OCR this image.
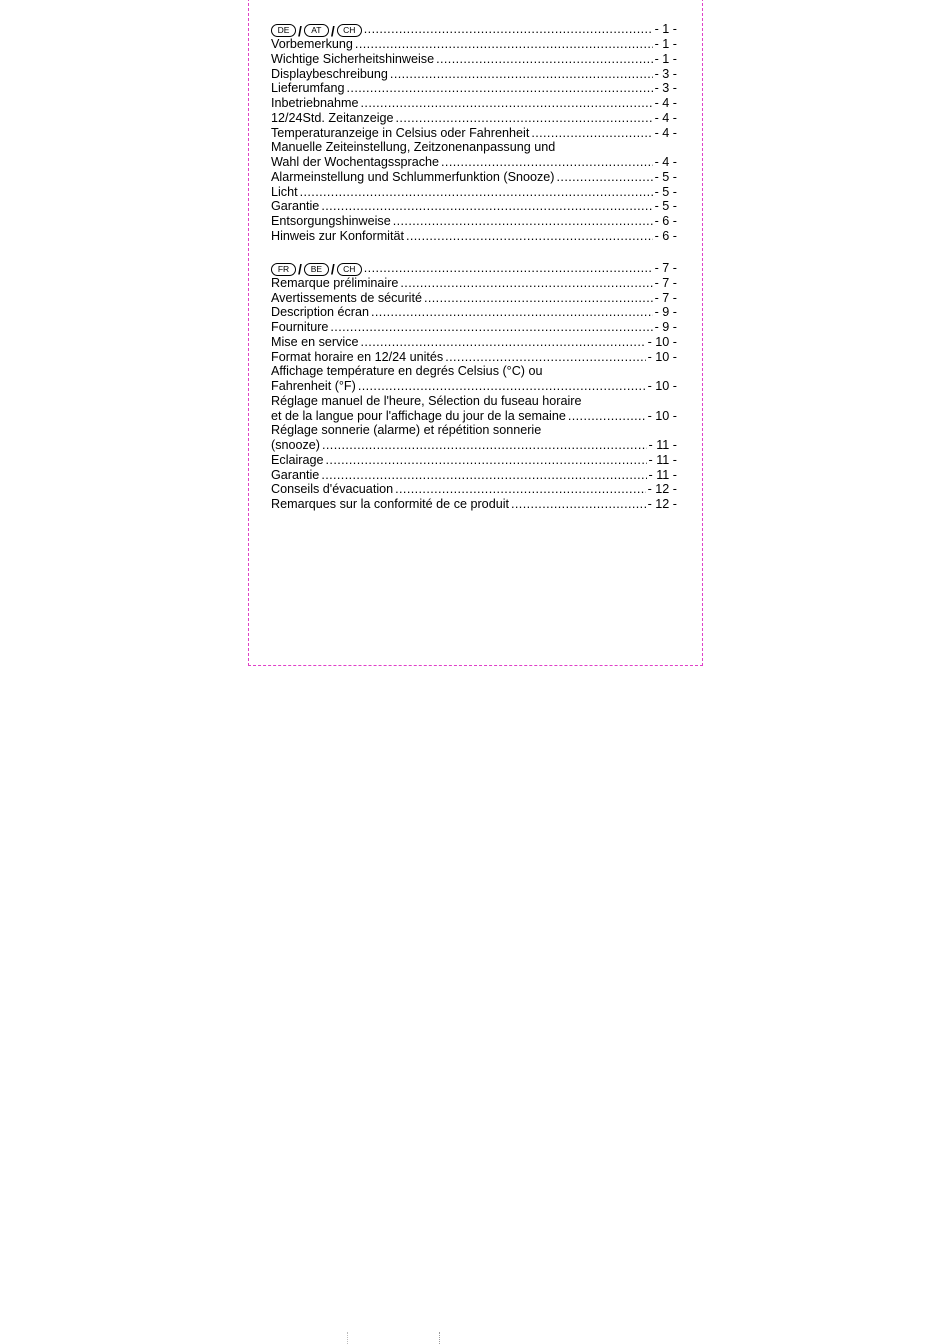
DE /	AT / CH .....	- 1 -
Vorbemerkung .....	- 1 -
Wichtige Sicherheitshinweise .....	- 1 -
Displaybeschreibung .....	- 3 -
Lieferumfang .....	- 3 -
Inbetriebnahme .....	- 4 -
12/24Std. Zeitanzeige .....	- 4 -
Temperaturanzeige in Celsius oder Fahrenheit .....	- 4 -
Manuelle Zeiteinstellung, Zeitzonenanpassung und
Wahl der Wochentagssprache .....	- 4 -
Alarmeinstellung und Schlummerfunktion (Snooze) .....	- 5 -
Licht .....	- 5 -
Garantie .....	- 5 -
Entsorgungshinweise .....	- 6 -
Hinweis zur Konformität .....	- 6 -
FR /	BE / CH .....	- 7 -
Remarque préliminaire .....	- 7 -
Avertissements de sécurité .....	- 7 -
Description écran .....	- 9 -
Fourniture .....	- 9 -
Mise en service .....	- 10 -
Format horaire en 12/24 unités .....	- 10 -
Affichage température en degrés Celsius (°C) ou
Fahrenheit (°F) .....	- 10 -
Réglage manuel de l'heure, Sélection du fuseau horaire
et de la langue pour l'affichage du jour de la semaine .....	- 10 -
Réglage sonnerie (alarme) et répétition sonnerie
(snooze) .....	- 11 -
Eclairage .....	- 11 -
Garantie .....	- 11 -
Conseils d'évacuation .....	- 12 -
Remarques sur la conformité de ce produit .....	- 12 -
